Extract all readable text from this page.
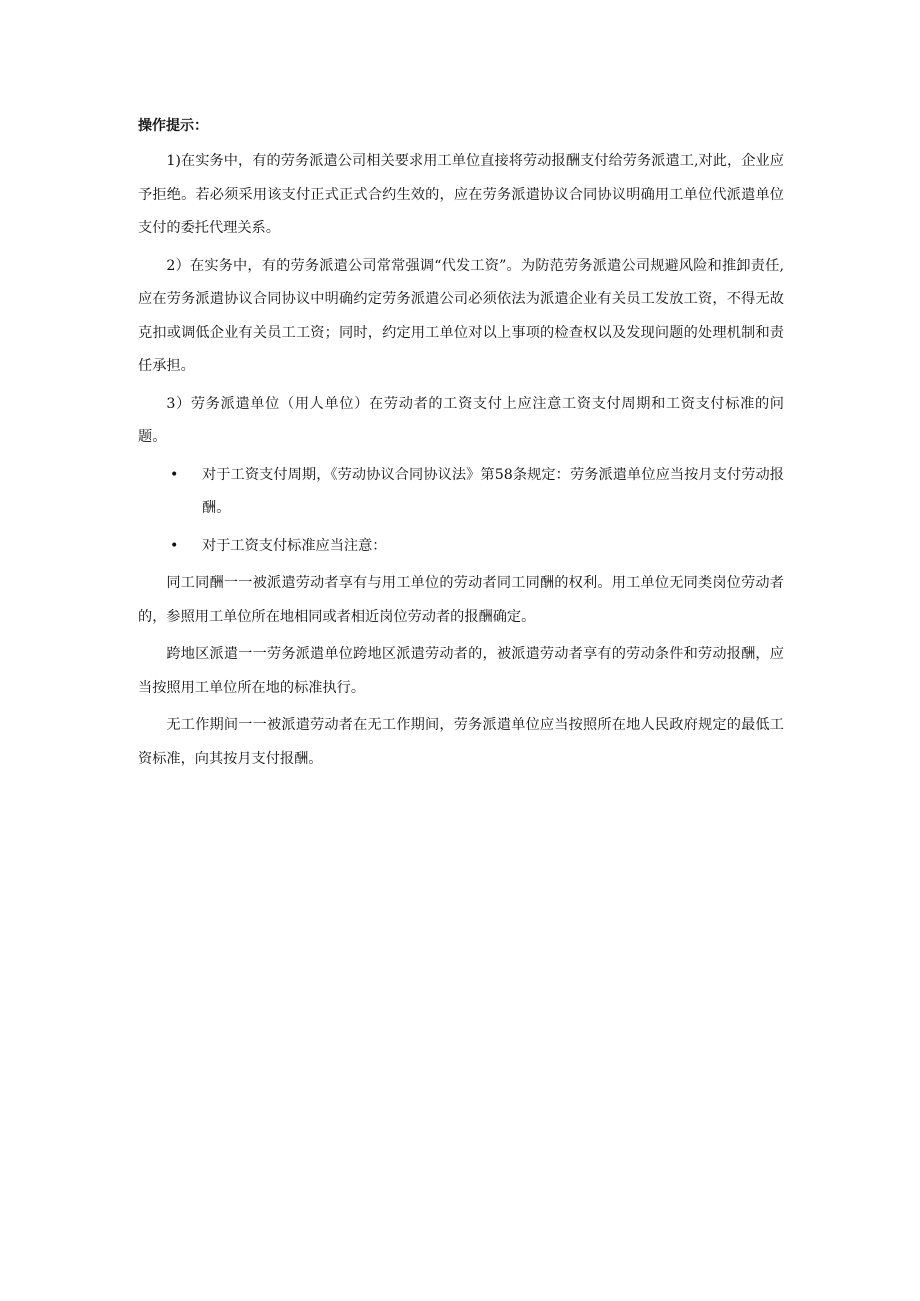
操作提示：

1)在实务中，有的劳务派遣公司相关要求用工单位直接将劳动报酬支付给劳务派遣工,对此，企业应予拒绝。若必须采用该支付正式正式合约生效的，应在劳务派遣协议合同协议明确用工单位代派遣单位支付的委托代理关系。

2）在实务中，有的劳务派遣公司常常强调“代发工资”。为防范劳务派遣公司规避风险和推卸责任,应在劳务派遣协议合同协议中明确约定劳务派遣公司必须依法为派遣企业有关员工发放工资，不得无故克扣或调低企业有关员工工资；同时，约定用工单位对以上事项的检查权以及发现问题的处理机制和责任承担。

3）劳务派遣单位（用人单位）在劳动者的工资支付上应注意工资支付周期和工资支付标准的问题。

• 对于工资支付周期，《劳动协议合同协议法》第58条规定：劳务派遣单位应当按月支付劳动报酬。
• 对于工资支付标准应当注意：

同工同酬一一被派遣劳动者享有与用工单位的劳动者同工同酬的权利。用工单位无同类岗位劳动者的，参照用工单位所在地相同或者相近岗位劳动者的报酬确定。

跨地区派遣一一劳务派遣单位跨地区派遣劳动者的，被派遣劳动者享有的劳动条件和劳动报酬，应当按照用工单位所在地的标准执行。

无工作期间一一被派遣劳动者在无工作期间，劳务派遣单位应当按照所在地人民政府规定的最低工资标准，向其按月支付报酬。
